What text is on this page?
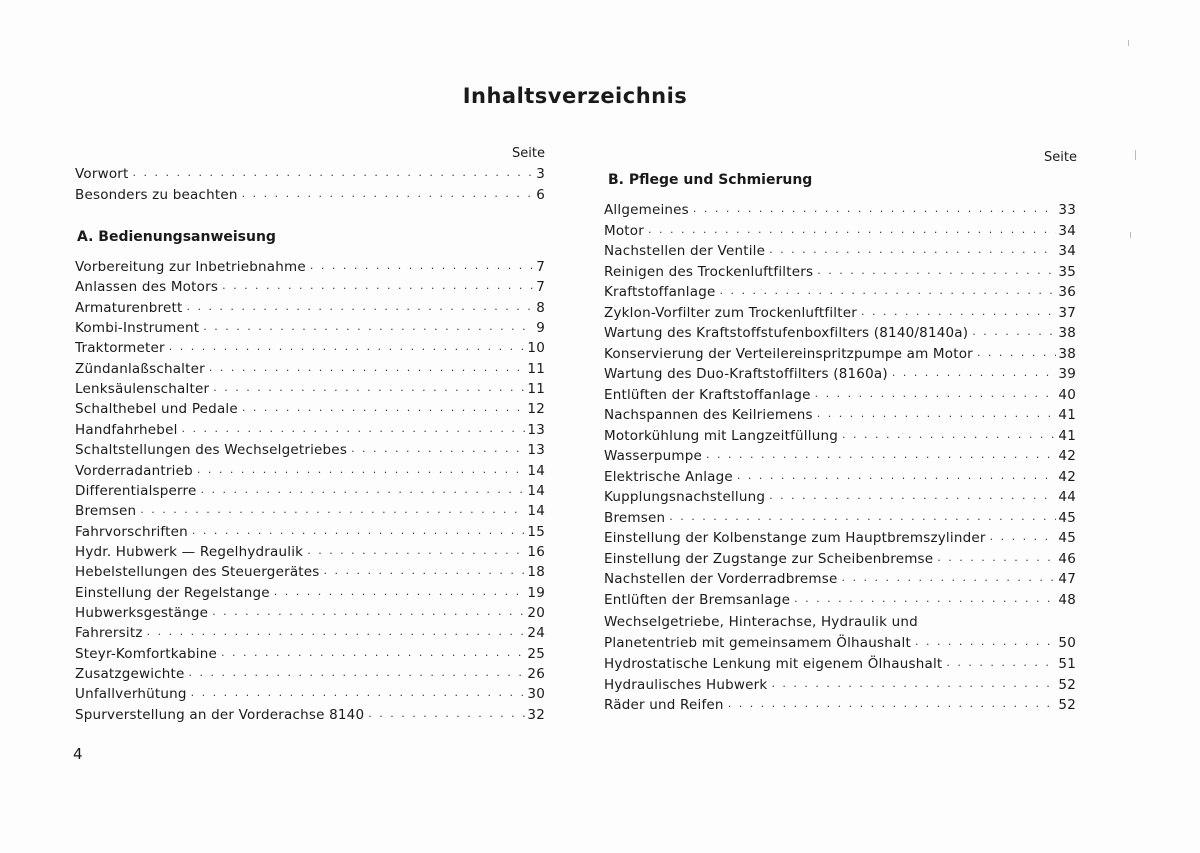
Inhaltsverzeichnis
Seite
Vorwort . . .	3
Besonders zu beachten . . .	6
A. Bedienungsanweisung
Vorbereitung zur Inbetriebnahme . . .	7
Anlassen des Motors . . .	7
Armaturenbrett . . .	8
Kombi-Instrument . . .	9
Traktormeter . . .	10
Zündanlaßschalter . . .	11
Lenksäulenschalter . . .	11
Schalthebel und Pedale . . .	12
Handfahrhebel . . .	13
Schaltstellungen des Wechselgetriebes . . .	13
Vorderradantrieb . . .	14
Differentialsperre . . .	14
Bremsen . . .	14
Fahrvorschriften . . .	15
Hydr. Hubwerk — Regelhydraulik . . .	16
Hebelstellungen des Steuergerätes . . .	18
Einstellung der Regelstange . . .	19
Hubwerksgestänge . . .	20
Fahrersitz . . .	24
Steyr-Komfortkabine . . .	25
Zusatzgewichte . . .	26
Unfallverhütung . . .	30
Spurverstellung an der Vorderachse 8140 . . .	32
Seite
B. Pflege und Schmierung
Allgemeines . . .	33
Motor . . .	34
Nachstellen der Ventile . . .	34
Reinigen des Trockenluftfilters . . .	35
Kraftstoffanlage . . .	36
Zyklon-Vorfilter zum Trockenluftfilter . . .	37
Wartung des Kraftstoffstufenboxfilters (8140/8140a) . . .	38
Konservierung der Verteilereinspritzpumpe am Motor . . .	38
Wartung des Duo-Kraftstoffilters (8160a) . . .	39
Entlüften der Kraftstoffanlage . . .	40
Nachspannen des Keilriemens . . .	41
Motorkühlung mit Langzeitfüllung . . .	41
Wasserpumpe . . .	42
Elektrische Anlage . . .	42
Kupplungsnachstellung . . .	44
Bremsen . . .	45
Einstellung der Kolbenstange zum Hauptbremszylinder . . .	45
Einstellung der Zugstange zur Scheibenbremse . . .	46
Nachstellen der Vorderradbremse . . .	47
Entlüften der Bremsanlage . . .	48
Wechselgetriebe, Hinterachse, Hydraulik und
Planetentrieb mit gemeinsamem Ölhaushalt . . .	50
Hydrostatische Lenkung mit eigenem Ölhaushalt . . .	51
Hydraulisches Hubwerk . . .	52
Räder und Reifen . . .	52
4
